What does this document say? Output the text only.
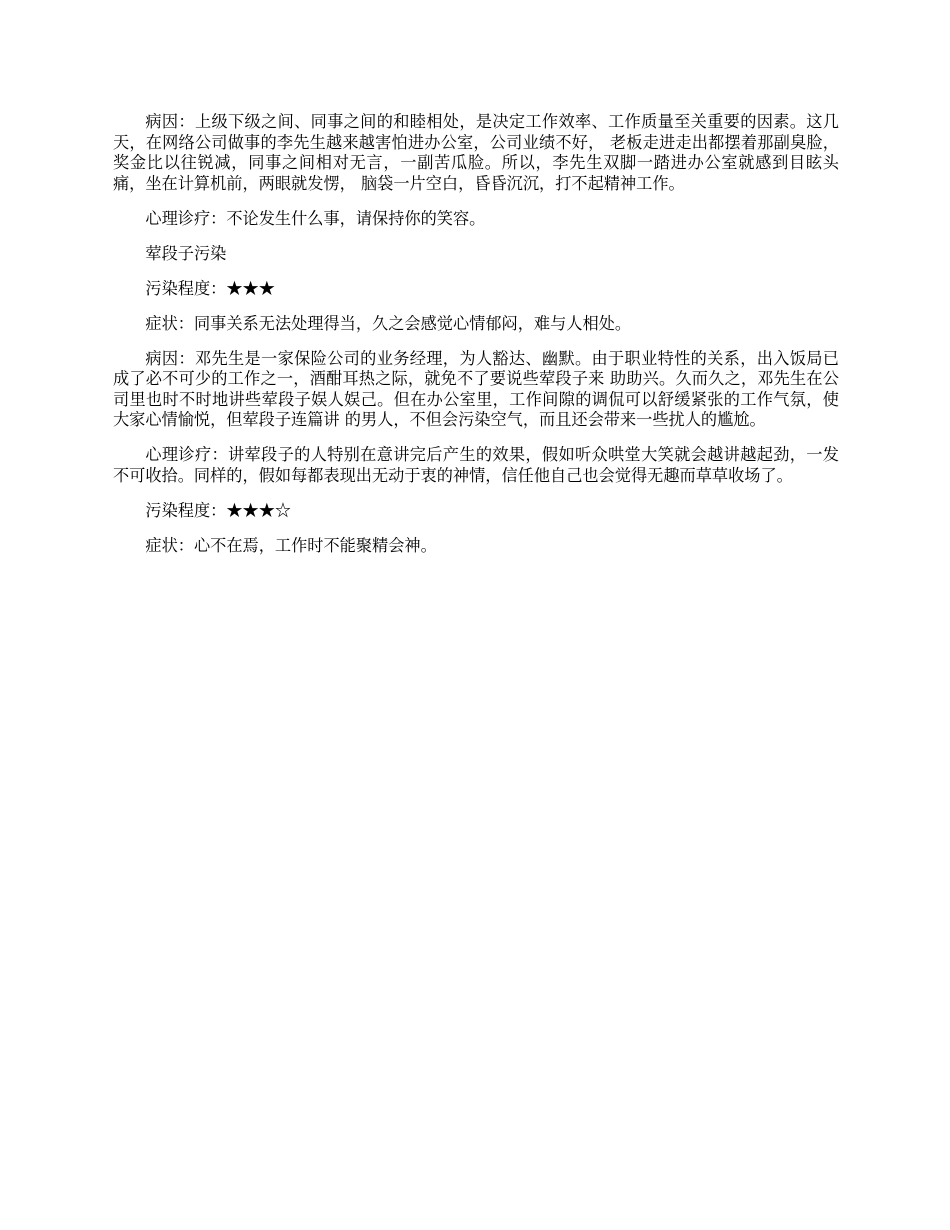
病因：上级下级之间、同事之间的和睦相处，是决定工作效率、工作质量至关重要的因素。这几天，在网络公司做事的李先生越来越害怕进办公室，公司业绩不好， 老板走进走出都摆着那副臭脸，奖金比以往锐减，同事之间相对无言，一副苦瓜脸。所以，李先生双脚一踏进办公室就感到目眩头痛，坐在计算机前，两眼就发愣， 脑袋一片空白，昏昏沉沉，打不起精神工作。

心理诊疗：不论发生什么事，请保持你的笑容。

荤段子污染

污染程度：★★★

症状：同事关系无法处理得当，久之会感觉心情郁闷，难与人相处。

病因：邓先生是一家保险公司的业务经理，为人豁达、幽默。由于职业特性的关系，出入饭局已成了必不可少的工作之一，酒酣耳热之际，就免不了要说些荤段子来 助助兴。久而久之，邓先生在公司里也时不时地讲些荤段子娱人娱己。但在办公室里，工作间隙的调侃可以舒缓紧张的工作气氛，使大家心情愉悦，但荤段子连篇讲 的男人，不但会污染空气，而且还会带来一些扰人的尴尬。

心理诊疗：讲荤段子的人特别在意讲完后产生的效果，假如听众哄堂大笑就会越讲越起劲，一发不可收拾。同样的，假如每都表现出无动于衷的神情，信任他自己也会觉得无趣而草草收场了。

污染程度：★★★☆

症状：心不在焉，工作时不能聚精会神。
